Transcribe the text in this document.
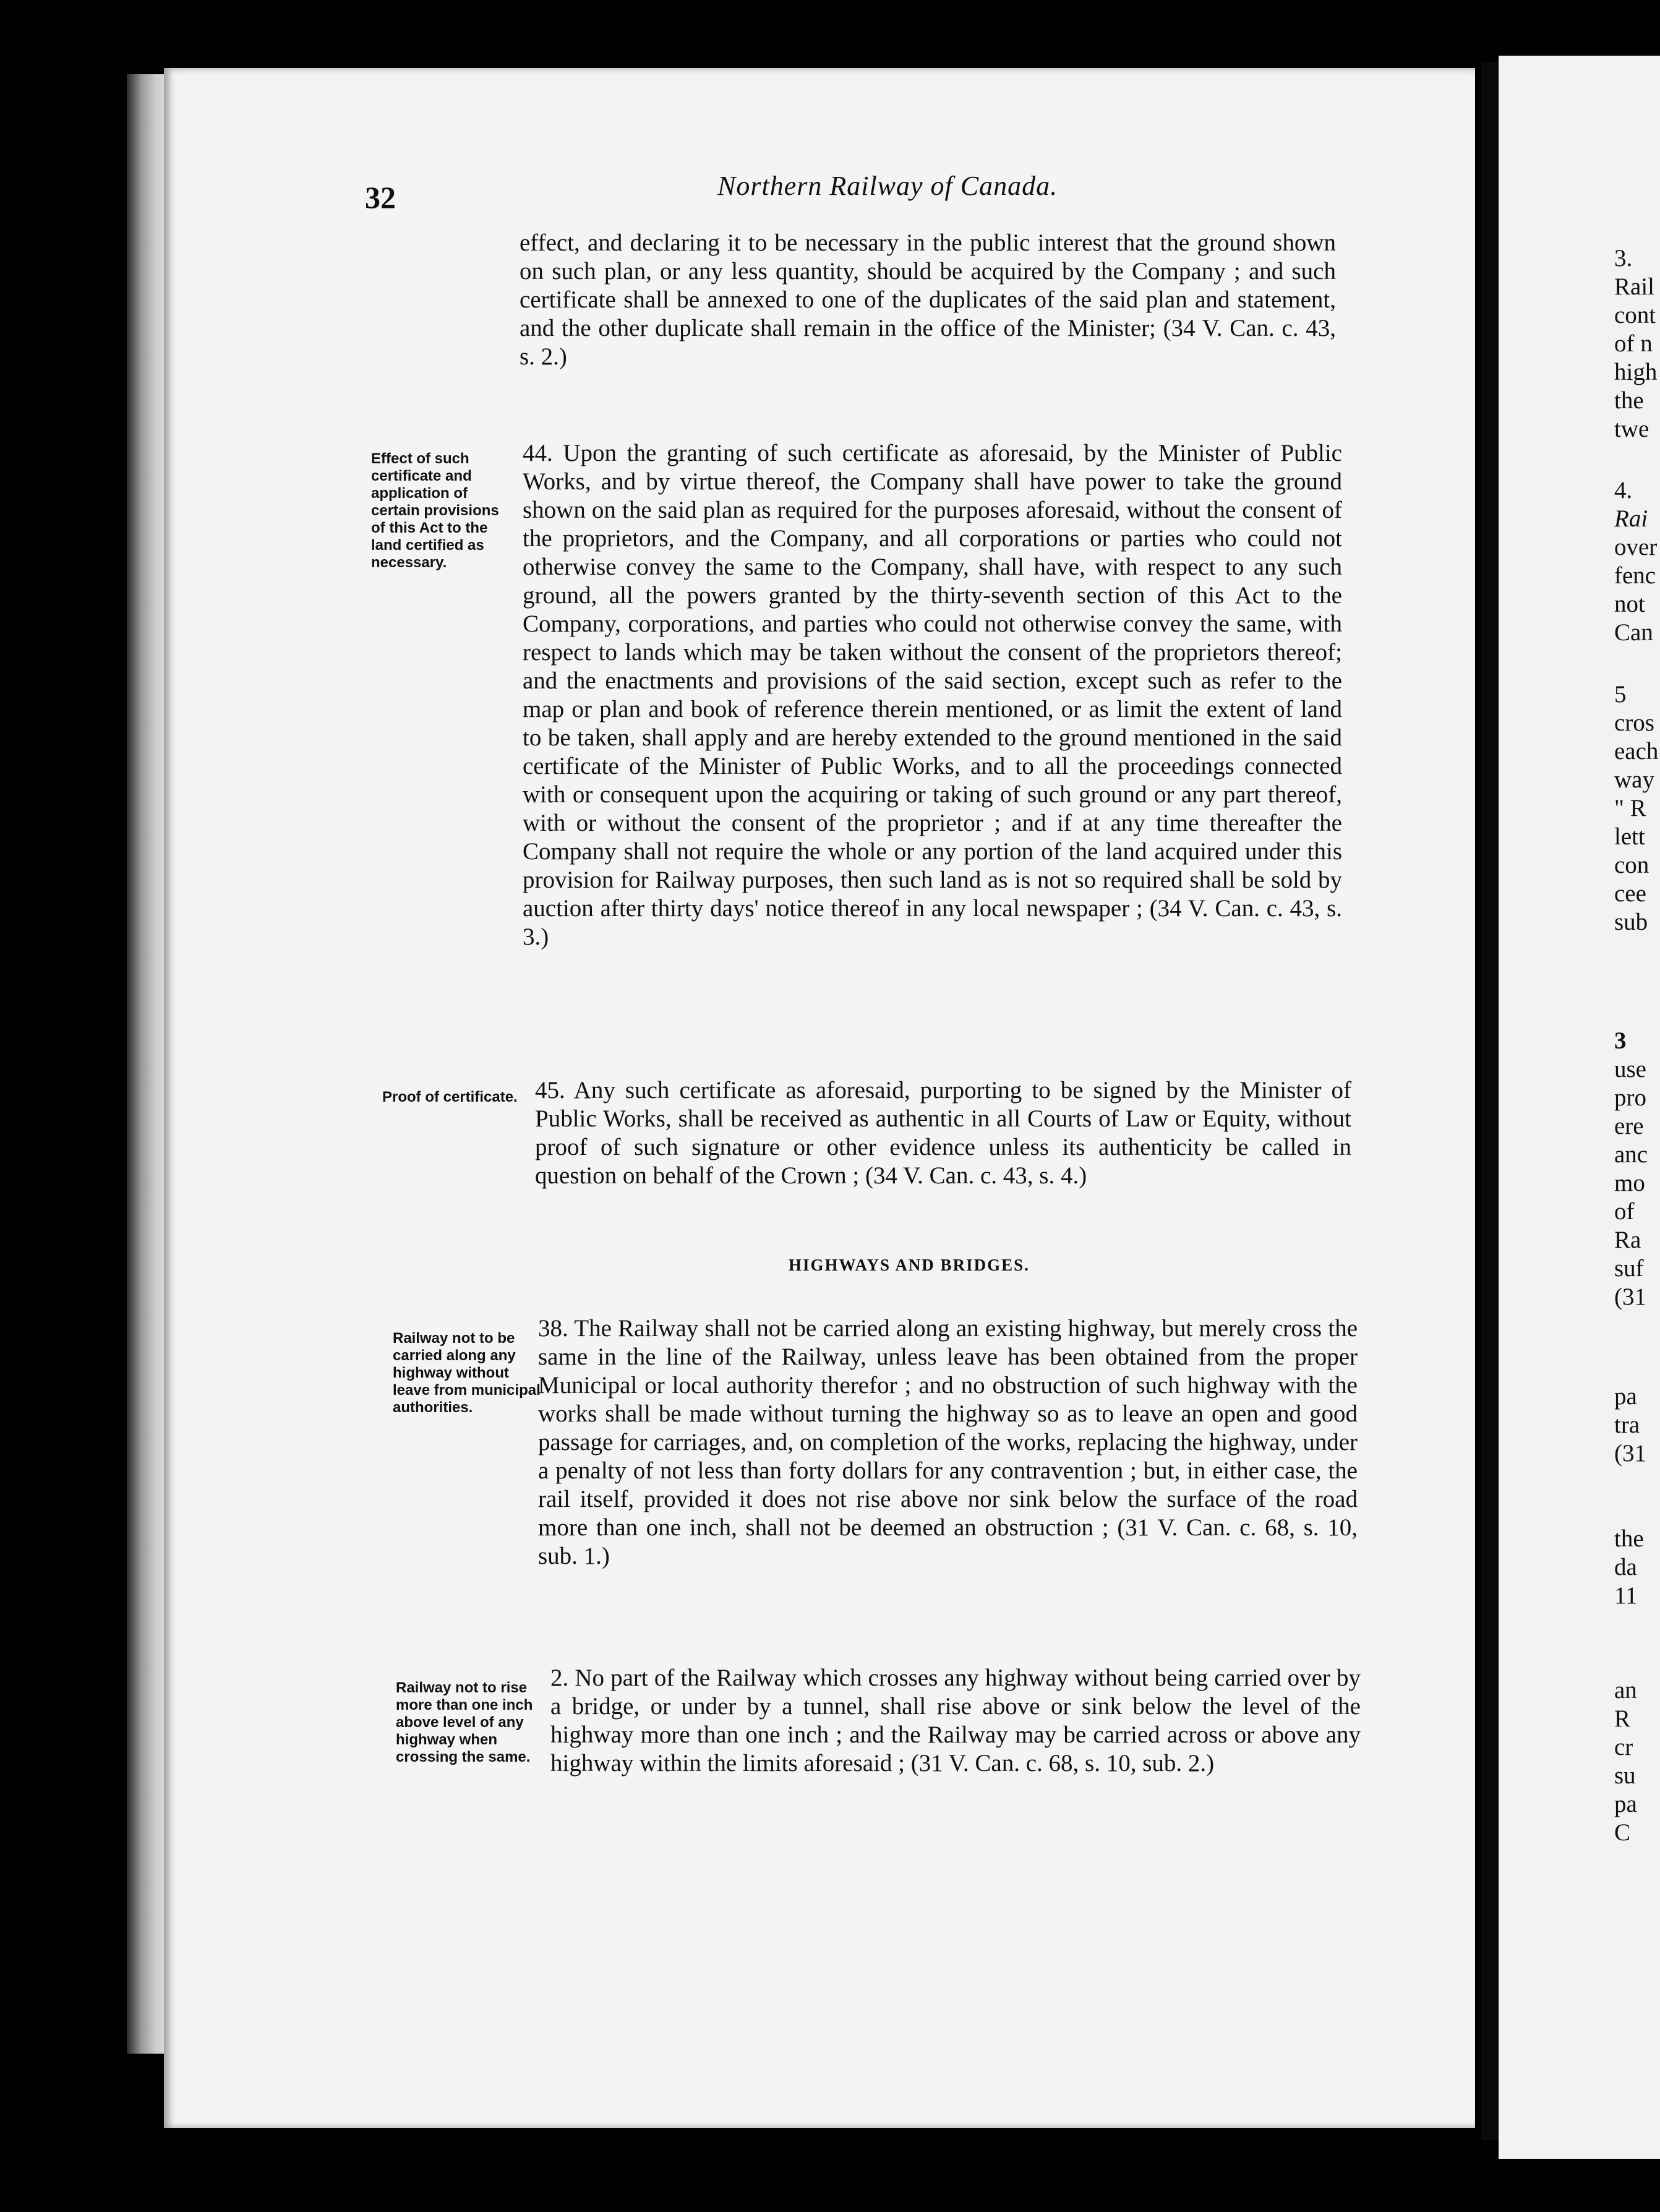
32	Northern Railway of Canada.
effect, and declaring it to be necessary in the public interest that the ground shown on such plan, or any less quantity, should be acquired by the Company ; and such certificate shall be annexed to one of the duplicates of the said plan and statement, and the other duplicate shall remain in the office of the Minister; (34 V. Can. c. 43, s. 2.)
Effect of such certificate and application of certain provisions of this Act to the land certified as necessary.
44. Upon the granting of such certificate as aforesaid, by the Minister of Public Works, and by virtue thereof, the Company shall have power to take the ground shown on the said plan as required for the purposes aforesaid, without the consent of the proprietors, and the Company, and all corporations or parties who could not otherwise convey the same to the Company, shall have, with respect to any such ground, all the powers granted by the thirty-seventh section of this Act to the Company, corporations, and parties who could not otherwise convey the same, with respect to lands which may be taken without the consent of the proprietors thereof; and the enactments and provisions of the said section, except such as refer to the map or plan and book of reference therein mentioned, or as limit the extent of land to be taken, shall apply and are hereby extended to the ground mentioned in the said certificate of the Minister of Public Works, and to all the proceedings connected with or consequent upon the acquiring or taking of such ground or any part thereof, with or without the consent of the proprietor ; and if at any time thereafter the Company shall not require the whole or any portion of the land acquired under this provision for Railway purposes, then such land as is not so required shall be sold by auction after thirty days' notice thereof in any local newspaper ; (34 V. Can. c. 43, s. 3.)
Proof of certificate. 45. Any such certificate as aforesaid, purporting to be signed by the Minister of Public Works, shall be received as authentic in all Courts of Law or Equity, without proof of such signature or other evidence unless its authenticity be called in question on behalf of the Crown ; (34 V. Can. c. 43, s. 4.)
HIGHWAYS AND BRIDGES.
Railway not to be carried along any highway without leave from municipal authorities.
38. The Railway shall not be carried along an existing highway, but merely cross the same in the line of the Railway, unless leave has been obtained from the proper Municipal or local authority therefor ; and no obstruction of such highway with the works shall be made without turning the highway so as to leave an open and good passage for carriages, and, on completion of the works, replacing the highway, under a penalty of not less than forty dollars for any contravention ; but, in either case, the rail itself, provided it does not rise above nor sink below the surface of the road more than one inch, shall not be deemed an obstruction ; (31 V. Can. c. 68, s. 10, sub. 1.)
Railway not to rise more than one inch above level of any highway when crossing the same.
2. No part of the Railway which crosses any highway without being carried over by a bridge, or under by a tunnel, shall rise above or sink below the level of the highway more than one inch ; and the Railway may be carried across or above any highway within the limits aforesaid ; (31 V. Can. c. 68, s. 10, sub. 2.)
3.
Rail
cont
of n
high
the
twe
4.
Rai
over
fenc
not
Can
5
cros
each
way
" R
lett
con
cee
sub
3
use
pro
ere
anc
mo
of
Ra
suf
(31
pa
tra
(31
the
da
11
an
R
cr
su
pa
C
